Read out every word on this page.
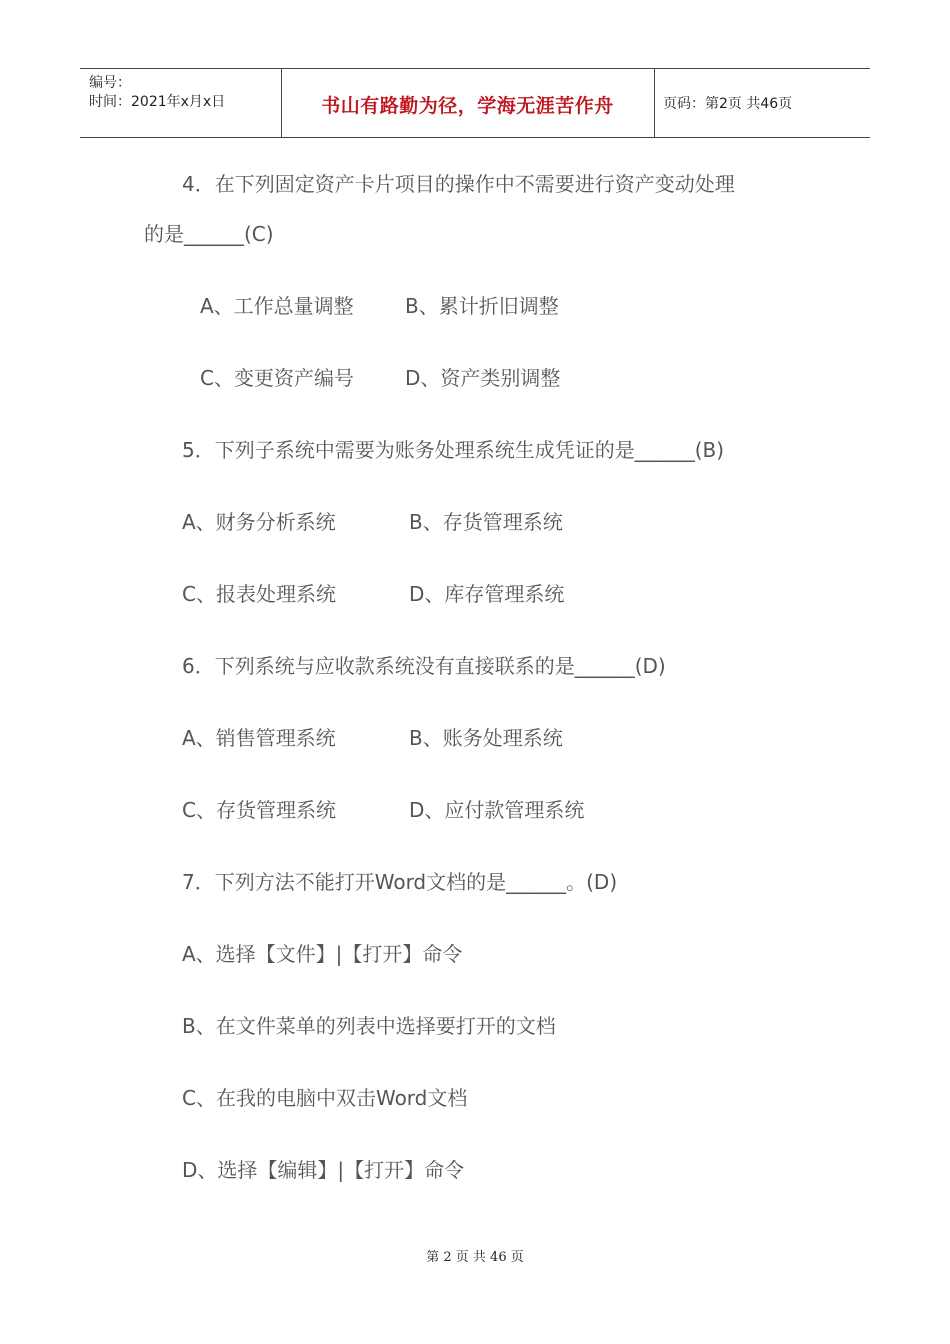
编号：
时间：2021年x月x日	书山有路勤为径，学海无涯苦作舟	页码：第2页 共46页
4．在下列固定资产卡片项目的操作中不需要进行资产变动处理
的是______(C)
A、工作总量调整	B、累计折旧调整
C、变更资产编号	D、资产类别调整
5．下列子系统中需要为账务处理系统生成凭证的是______(B)
A、财务分析系统	B、存货管理系统
C、报表处理系统	D、库存管理系统
6．下列系统与应收款系统没有直接联系的是______(D)
A、销售管理系统	B、账务处理系统
C、存货管理系统	D、应付款管理系统
7．下列方法不能打开Word文档的是______。(D)
A、选择【文件】|【打开】命令
B、在文件菜单的列表中选择要打开的文档
C、在我的电脑中双击Word文档
D、选择【编辑】|【打开】命令
第 2 页 共 46 页
